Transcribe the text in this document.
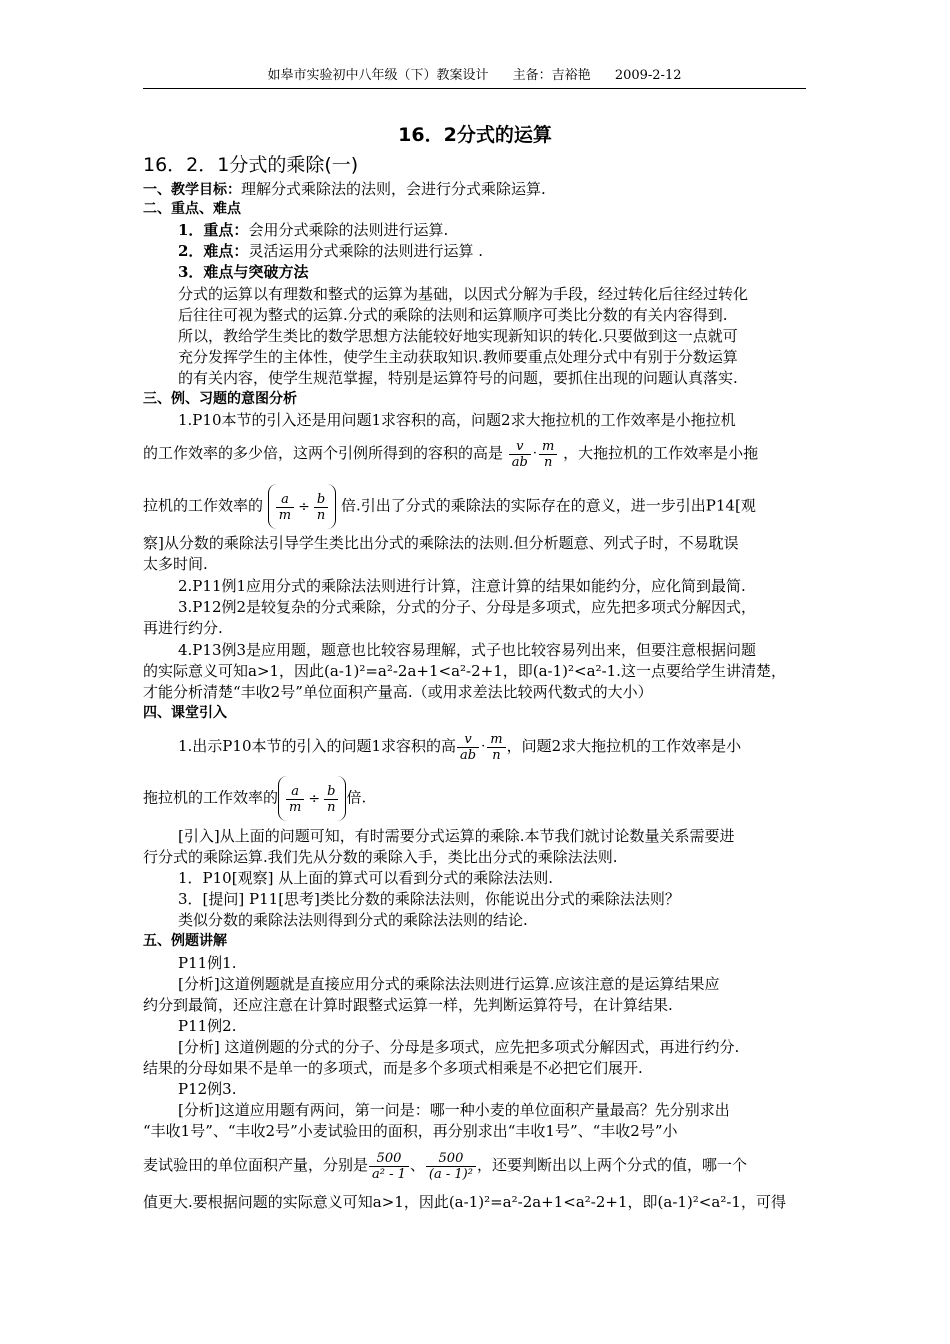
如皋市实验初中八年级（下）教案设计 主备：吉裕艳 2009-2-12
16．2分式的运算
16．2．1分式的乘除(一)
一、教学目标：理解分式乘除法的法则，会进行分式乘除运算.
二、重点、难点
1．重点：会用分式乘除的法则进行运算.
2．难点：灵活运用分式乘除的法则进行运算 .
3．难点与突破方法
分式的运算以有理数和整式的运算为基础，以因式分解为手段，经过转化后往经过转化
后往往可视为整式的运算.分式的乘除的法则和运算顺序可类比分数的有关内容得到.
所以，教给学生类比的数学思想方法能较好地实现新知识的转化.只要做到这一点就可
充分发挥学生的主体性，使学生主动获取知识.教师要重点处理分式中有别于分数运算
的有关内容，使学生规范掌握，特别是运算符号的问题，要抓住出现的问题认真落实.
三、例、习题的意图分析
1.P10本节的引入还是用问题1求容积的高，问题2求大拖拉机的工作效率是小拖拉机
的工作效率的多少倍，这两个引例所得到的容积的高是 $\frac{v}{ab} \cdot \frac{m}{n}$ ，大拖拉机的工作效率是小拖
拉机的工作效率的 $\frac{a}{m} \div \frac{b}{n}$ 倍.引出了分式的乘除法的实际存在的意义，进一步引出P14[观
察]从分数的乘除法引导学生类比出分式的乘除法的法则.但分析题意、列式子时，不易耽误
太多时间.
2.P11例1应用分式的乘除法法则进行计算，注意计算的结果如能约分，应化简到最简.
3.P12例2是较复杂的分式乘除，分式的分子、分母是多项式，应先把多项式分解因式，
再进行约分.
4.P13例3是应用题，题意也比较容易理解，式子也比较容易列出来，但要注意根据问题
的实际意义可知a>1，因此(a-1)²=a²-2a+1<a²-2+1，即(a-1)²<a²-1.这一点要给学生讲清楚，
才能分析清楚“丰收2号”单位面积产量高.（或用求差法比较两代数式的大小）
四、课堂引入
1.出示P10本节的引入的问题1求容积的高 $\frac{v}{ab} \cdot \frac{m}{n}$ ，问题2求大拖拉机的工作效率是小
拖拉机的工作效率的 $\frac{a}{m} \div \frac{b}{n}$ 倍.
[引入]从上面的问题可知，有时需要分式运算的乘除.本节我们就讨论数量关系需要进
行分式的乘除运算.我们先从分数的乘除入手，类比出分式的乘除法法则.
1．P10[观察] 从上面的算式可以看到分式的乘除法法则.
3．[提问] P11[思考]类比分数的乘除法法则，你能说出分式的乘除法法则？
类似分数的乘除法法则得到分式的乘除法法则的结论.
五、例题讲解
P11例1.
[分析]这道例题就是直接应用分式的乘除法法则进行运算.应该注意的是运算结果应
约分到最简，还应注意在计算时跟整式运算一样，先判断运算符号，在计算结果.
P11例2.
[分析] 这道例题的分式的分子、分母是多项式，应先把多项式分解因式，再进行约分.
结果的分母如果不是单一的多项式，而是多个多项式相乘是不必把它们展开.
P12例3.
[分析]这道应用题有两问，第一问是：哪一种小麦的单位面积产量最高？先分别求出
“丰收1号”、“丰收2号”小麦试验田的面积，再分别求出“丰收1号”、“丰收2号”小
麦试验田的单位面积产量，分别是 $\frac{500}{\text{a² - 1}}$ 、 $\frac{500}{\text{(a - 1)²}}$ ，还要判断出以上两个分式的值，哪一个
值更大.要根据问题的实际意义可知a>1，因此(a-1)²=a²-2a+1<a²-2+1，即(a-1)²<a²-1，可得
